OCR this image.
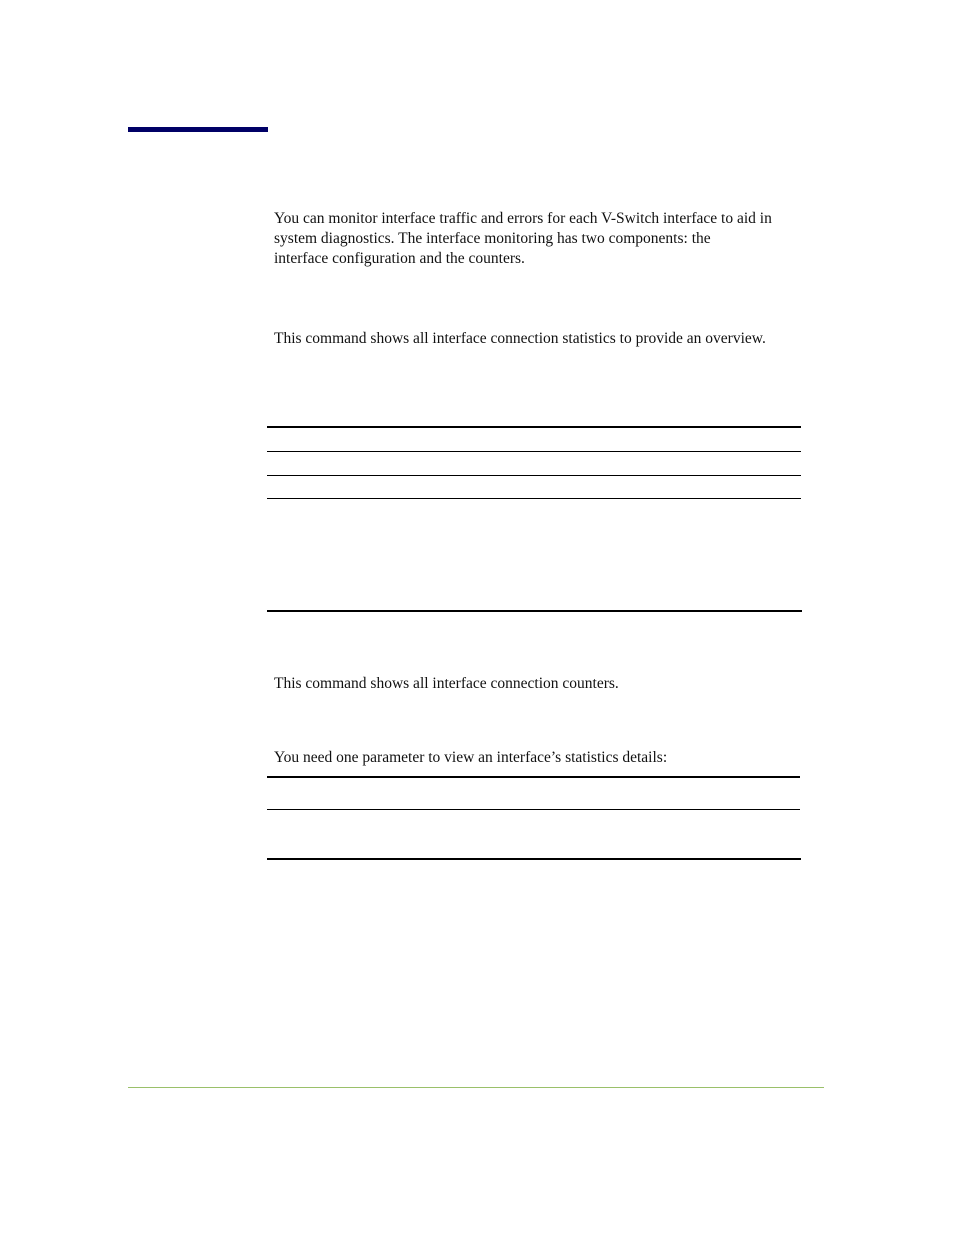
You can monitor interface traffic and errors for each V-Switch interface to aid in
system diagnostics. The interface monitoring has two components: the
interface configuration and the counters.

This command shows all interface connection statistics to provide an overview.

This command shows all interface connection counters.

You need one parameter to view an interface’s statistics details:
